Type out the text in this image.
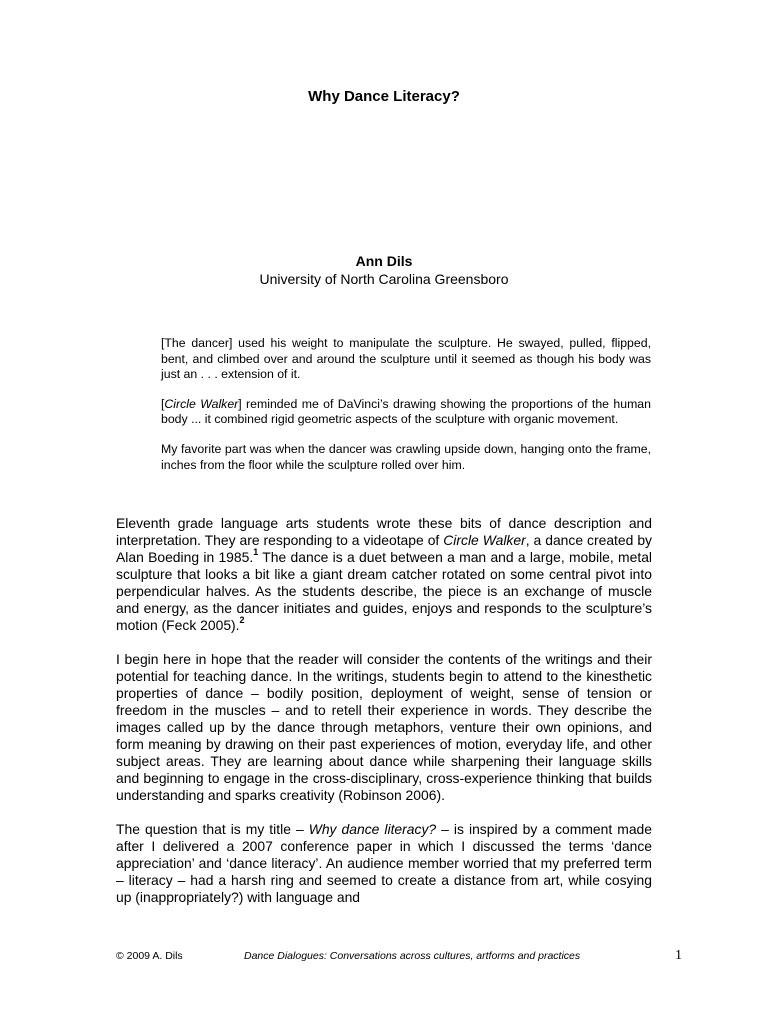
Why Dance Literacy?
Ann Dils
University of North Carolina Greensboro

[The dancer] used his weight to manipulate the sculpture. He swayed, pulled, flipped, bent, and climbed over and around the sculpture until it seemed as though his body was just an . . . extension of it.

[Circle Walker] reminded me of DaVinci’s drawing showing the proportions of the human body ... it combined rigid geometric aspects of the sculpture with organic movement.

My favorite part was when the dancer was crawling upside down, hanging onto the frame, inches from the floor while the sculpture rolled over him.

Eleventh grade language arts students wrote these bits of dance description and interpretation. They are responding to a videotape of Circle Walker, a dance created by Alan Boeding in 1985.$^1$ The dance is a duet between a man and a large, mobile, metal sculpture that looks a bit like a giant dream catcher rotated on some central pivot into perpendicular halves. As the students describe, the piece is an exchange of muscle and energy, as the dancer initiates and guides, enjoys and responds to the sculpture’s motion (Feck 2005).$^2$

I begin here in hope that the reader will consider the contents of the writings and their potential for teaching dance. In the writings, students begin to attend to the kinesthetic properties of dance – bodily position, deployment of weight, sense of tension or freedom in the muscles – and to retell their experience in words. They describe the images called up by the dance through metaphors, venture their own opinions, and form meaning by drawing on their past experiences of motion, everyday life, and other subject areas. They are learning about dance while sharpening their language skills and beginning to engage in the cross-disciplinary, cross-experience thinking that builds understanding and sparks creativity (Robinson 2006).

The question that is my title – Why dance literacy? – is inspired by a comment made after I delivered a 2007 conference paper in which I discussed the terms ‘dance appreciation’ and ‘dance literacy’. An audience member worried that my preferred term – literacy – had a harsh ring and seemed to create a distance from art, while cosying up (inappropriately?) with language and

© 2009 A. Dils	Dance Dialogues: Conversations across cultures, artforms and practices	1
